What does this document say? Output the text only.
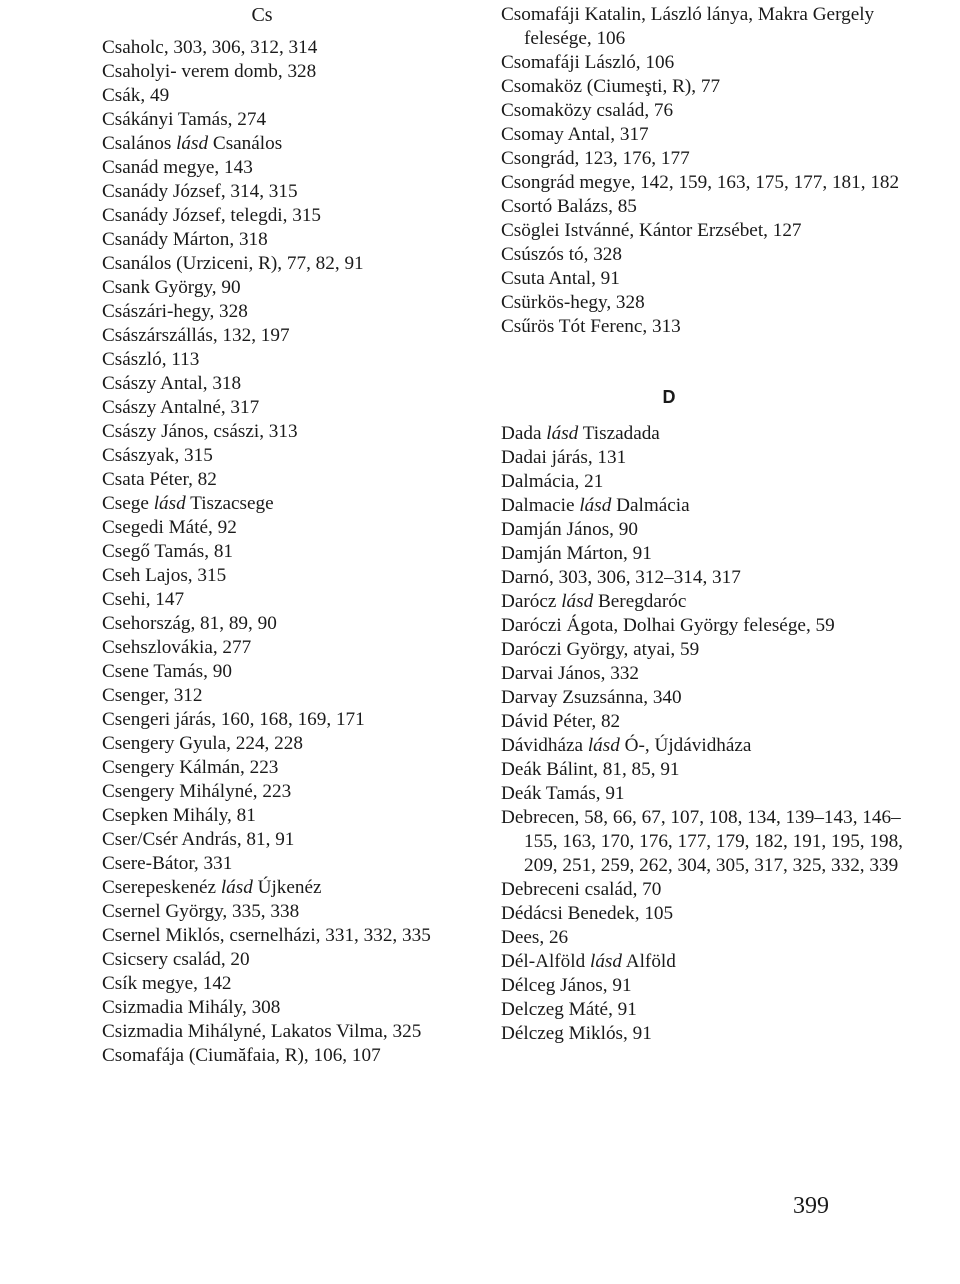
Cs
Csaholc, 303, 306, 312, 314
Csaholyi- verem domb, 328
Csák, 49
Csákányi Tamás, 274
Csalános lásd Csanálos
Csanád megye, 143
Csanády József, 314, 315
Csanády József, telegdi, 315
Csanády Márton, 318
Csanálos (Urziceni, R), 77, 82, 91
Csank György, 90
Császári-hegy, 328
Császárszállás, 132, 197
Császló, 113
Császy Antal, 318
Császy Antalné, 317
Császy János, császi, 313
Császyak, 315
Csata Péter, 82
Csege lásd Tiszacsege
Csegedi Máté, 92
Csegő Tamás, 81
Cseh Lajos, 315
Csehi, 147
Csehország, 81, 89, 90
Csehszlovákia, 277
Csene Tamás, 90
Csenger, 312
Csengeri járás, 160, 168, 169, 171
Csengery Gyula, 224, 228
Csengery Kálmán, 223
Csengery Mihályné, 223
Csepken Mihály, 81
Cser/Csér András, 81, 91
Csere-Bátor, 331
Cserepeskenéz lásd Újkenéz
Csernel György, 335, 338
Csernel Miklós, csernelházi, 331, 332, 335
Csicsery család, 20
Csík megye, 142
Csizmadia Mihály, 308
Csizmadia Mihályné, Lakatos Vilma, 325
Csomafája (Ciumăfaia, R), 106, 107
Csomafáji Katalin, László lánya, Makra Gergely felesége, 106
Csomafáji László, 106
Csomaköz (Ciumeşti, R), 77
Csomaközy család, 76
Csomay Antal, 317
Csongrád, 123, 176, 177
Csongrád megye, 142, 159, 163, 175, 177, 181, 182
Csortó Balázs, 85
Csöglei Istvánné, Kántor Erzsébet, 127
Csúszós tó, 328
Csuta Antal, 91
Csürkös-hegy, 328
Csűrös Tót Ferenc, 313
D
Dada lásd Tiszadada
Dadai járás, 131
Dalmácia, 21
Dalmacie lásd Dalmácia
Damján János, 90
Damján Márton, 91
Darnó, 303, 306, 312–314, 317
Darócz lásd Beregdaróc
Daróczi Ágota, Dolhai György felesége, 59
Daróczi György, atyai, 59
Darvai János, 332
Darvay Zsuzsánna, 340
Dávid Péter, 82
Dávidháza lásd Ó-, Újdávidháza
Deák Bálint, 81, 85, 91
Deák Tamás, 91
Debrecen, 58, 66, 67, 107, 108, 134, 139–143, 146–155, 163, 170, 176, 177, 179, 182, 191, 195, 198, 209, 251, 259, 262, 304, 305, 317, 325, 332, 339
Debreceni család, 70
Dédácsi Benedek, 105
Dees, 26
Dél-Alföld lásd Alföld
Délceg János, 91
Delczeg Máté, 91
Délczeg Miklós, 91
399
